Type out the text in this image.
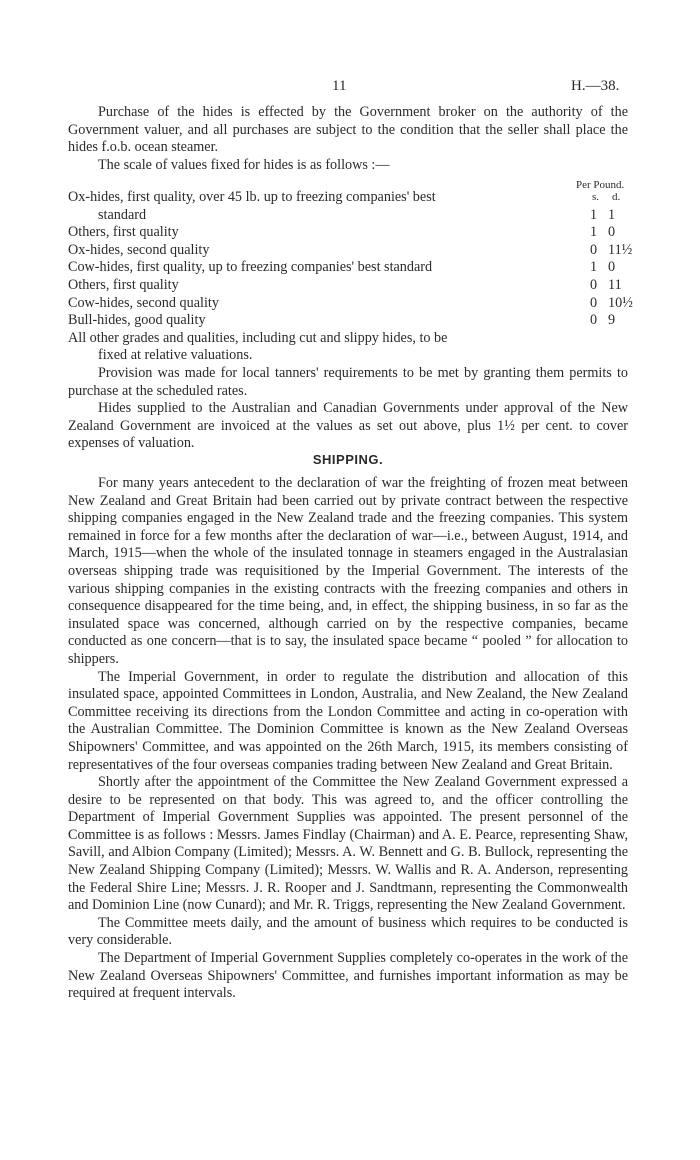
11	H.—38.

Purchase of the hides is effected by the Government broker on the authority of the Government valuer, and all purchases are subject to the condition that the seller shall place the hides f.o.b. ocean steamer.

The scale of values fixed for hides is as follows :—

Per Pound.
s. d.
Ox-hides, first quality, over 45 lb. up to freezing companies' best
standard	1 1
Others, first quality	1 0
Ox-hides, second quality	0 11½
Cow-hides, first quality, up to freezing companies' best standard	1 0
Others, first quality	0 11
Cow-hides, second quality	0 10½
Bull-hides, good quality	0 9
All other grades and qualities, including cut and slippy hides, to be
fixed at relative valuations.

Provision was made for local tanners' requirements to be met by granting them permits to purchase at the scheduled rates.

Hides supplied to the Australian and Canadian Governments under approval of the New Zealand Government are invoiced at the values as set out above, plus 1½ per cent. to cover expenses of valuation.

SHIPPING.

For many years antecedent to the declaration of war the freighting of frozen meat between New Zealand and Great Britain had been carried out by private contract between the respective shipping companies engaged in the New Zealand trade and the freezing companies. This system remained in force for a few months after the declaration of war—i.e., between August, 1914, and March, 1915—when the whole of the insulated tonnage in steamers engaged in the Australasian overseas shipping trade was requisitioned by the Imperial Government. The interests of the various shipping companies in the existing contracts with the freezing companies and others in consequence disappeared for the time being, and, in effect, the shipping business, in so far as the insulated space was concerned, although carried on by the respective companies, became conducted as one concern—that is to say, the insulated space became “ pooled ” for allocation to shippers.

The Imperial Government, in order to regulate the distribution and allocation of this insulated space, appointed Committees in London, Australia, and New Zealand, the New Zealand Committee receiving its directions from the London Committee and acting in co-operation with the Australian Committee. The Dominion Committee is known as the New Zealand Overseas Shipowners' Committee, and was appointed on the 26th March, 1915, its members consisting of representatives of the four overseas companies trading between New Zealand and Great Britain.

Shortly after the appointment of the Committee the New Zealand Government expressed a desire to be represented on that body. This was agreed to, and the officer controlling the Department of Imperial Government Supplies was appointed. The present personnel of the Committee is as follows : Messrs. James Findlay (Chairman) and A. E. Pearce, representing Shaw, Savill, and Albion Company (Limited); Messrs. A. W. Bennett and G. B. Bullock, representing the New Zealand Shipping Company (Limited); Messrs. W. Wallis and R. A. Anderson, representing the Federal Shire Line; Messrs. J. R. Rooper and J. Sandtmann, representing the Commonwealth and Dominion Line (now Cunard); and Mr. R. Triggs, representing the New Zealand Government.

The Committee meets daily, and the amount of business which requires to be conducted is very considerable.

The Department of Imperial Government Supplies completely co-operates in the work of the New Zealand Overseas Shipowners' Committee, and furnishes important information as may be required at frequent intervals.
